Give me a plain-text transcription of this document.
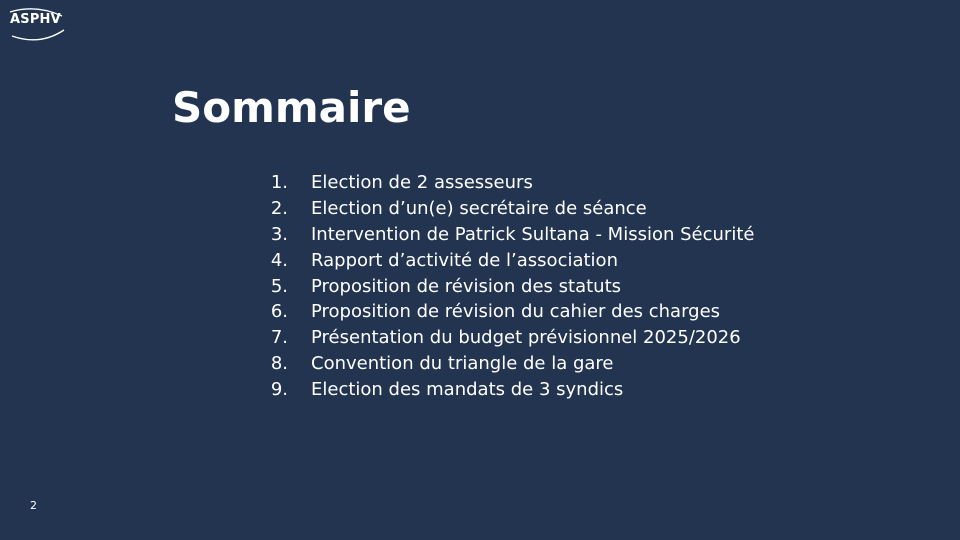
ASPHV
Sommaire
1. Election de 2 assesseurs
2. Election d’un(e) secrétaire de séance
3. Intervention de Patrick Sultana - Mission Sécurité
4. Rapport d’activité de l’association
5. Proposition de révision des statuts
6. Proposition de révision du cahier des charges
7. Présentation du budget prévisionnel 2025/2026
8. Convention du triangle de la gare
9. Election des mandats de 3 syndics
2
